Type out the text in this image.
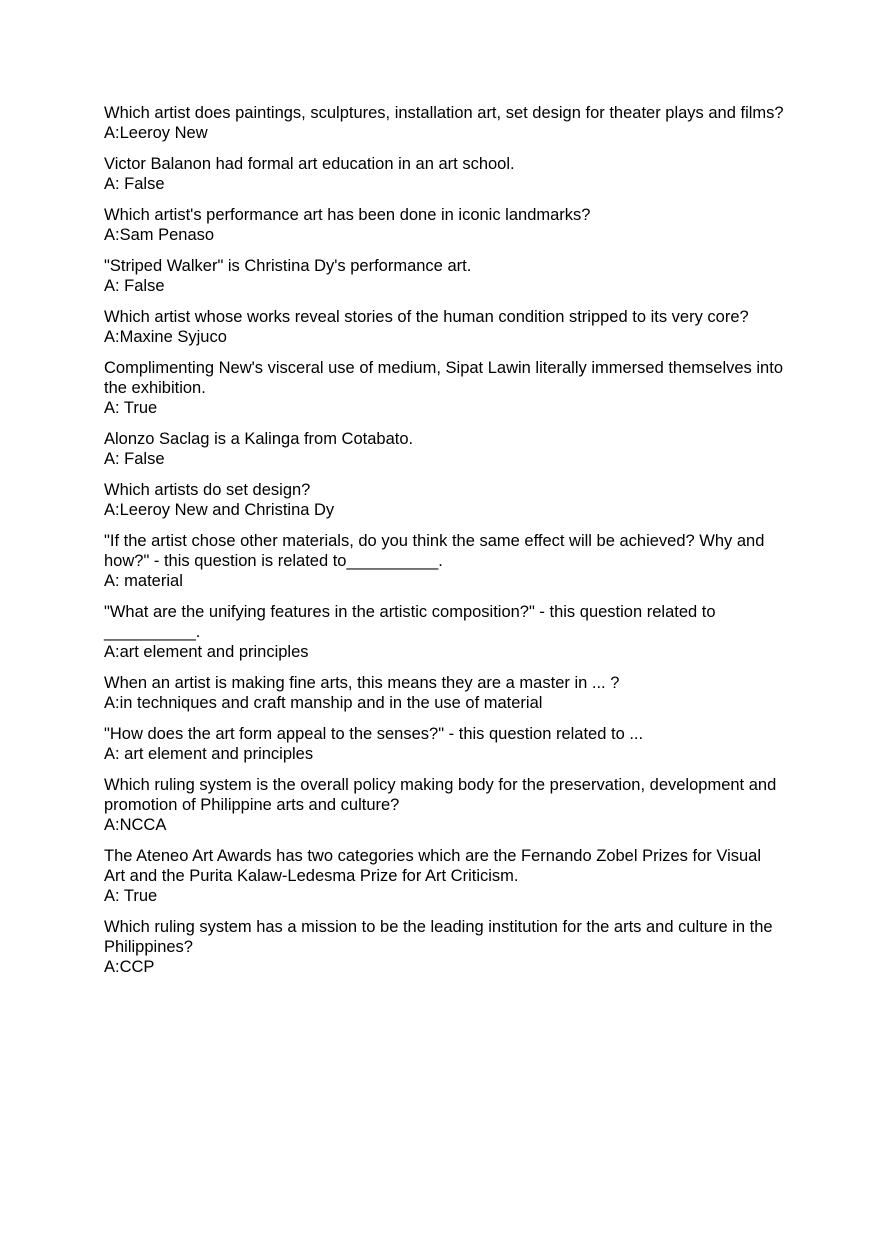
Which artist does paintings, sculptures, installation art, set design for theater plays and films?
A:Leeroy New
Victor Balanon had formal art education in an art school.
A: False
Which artist's performance art has been done in iconic landmarks?
A:Sam Penaso
"Striped Walker" is Christina Dy's performance art.
A: False
Which artist whose works reveal stories of the human condition stripped to its very core?
A:Maxine Syjuco
Complimenting New's visceral use of medium, Sipat Lawin literally immersed themselves into the exhibition.
A: True
Alonzo Saclag is a Kalinga from Cotabato.
A: False
Which artists do set design?
A:Leeroy New and Christina Dy
"If the artist chose other materials, do you think the same effect will be achieved? Why and how?" - this question is related to__________.
A: material
"What are the unifying features in the artistic composition?" - this question related to __________.
A:art element and principles
When an artist is making fine arts, this means they are a master in ... ?
A:in techniques and craft manship and in the use of material
"How does the art form appeal to the senses?" - this question related to ...
A: art element and principles
Which ruling system is the overall policy making body for the preservation, development and promotion of Philippine arts and culture?
A:NCCA
The Ateneo Art Awards has two categories which are the Fernando Zobel Prizes for Visual Art and the Purita Kalaw-Ledesma Prize for Art Criticism.
A: True
Which ruling system has a mission to be the leading institution for the arts and culture in the Philippines?
A:CCP
